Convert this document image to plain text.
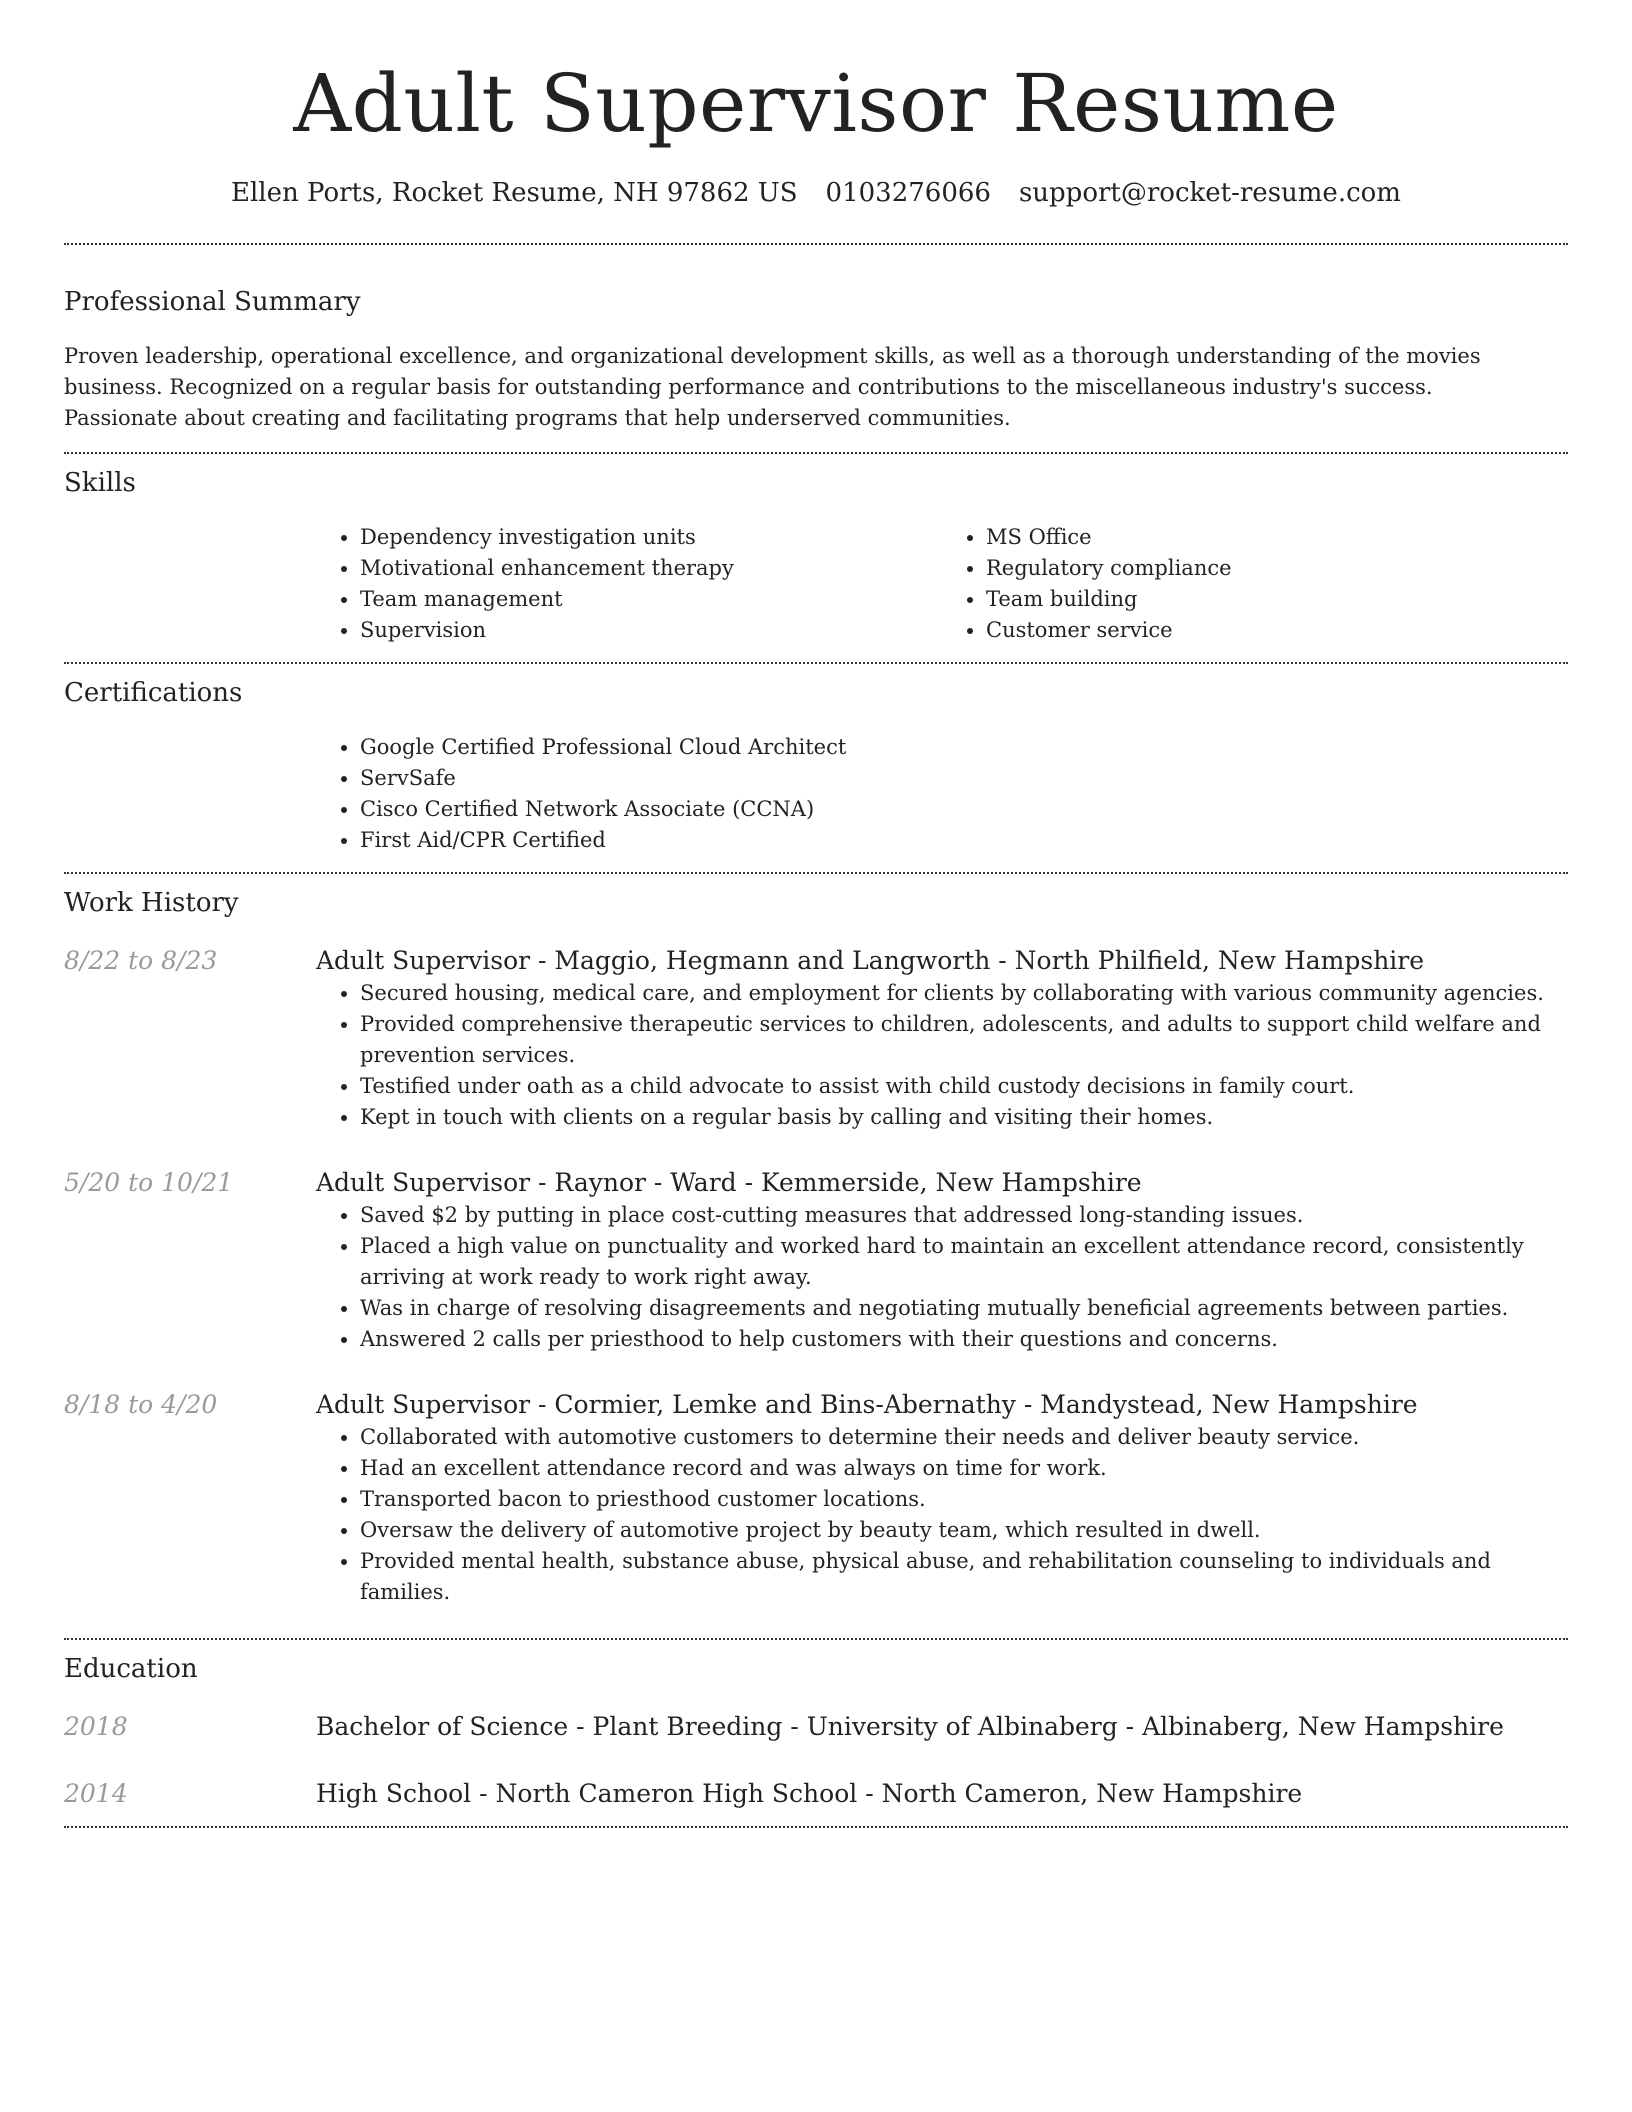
Adult Supervisor Resume
Ellen Ports, Rocket Resume, NH 97862 US 0103276066 support@rocket-resume.com
Professional Summary
Proven leadership, operational excellence, and organizational development skills, as well as a thorough understanding of the movies business. Recognized on a regular basis for outstanding performance and contributions to the miscellaneous industry's success. Passionate about creating and facilitating programs that help underserved communities.
Skills
• Dependency investigation units
• Motivational enhancement therapy
• Team management
• Supervision
• MS Office
• Regulatory compliance
• Team building
• Customer service
Certifications
• Google Certified Professional Cloud Architect
• ServSafe
• Cisco Certified Network Associate (CCNA)
• First Aid/CPR Certified
Work History
8/22 to 8/23	Adult Supervisor - Maggio, Hegmann and Langworth - North Philfield, New Hampshire
• Secured housing, medical care, and employment for clients by collaborating with various community agencies.
• Provided comprehensive therapeutic services to children, adolescents, and adults to support child welfare and prevention services.
• Testified under oath as a child advocate to assist with child custody decisions in family court.
• Kept in touch with clients on a regular basis by calling and visiting their homes.
5/20 to 10/21	Adult Supervisor - Raynor - Ward - Kemmerside, New Hampshire
• Saved $2 by putting in place cost-cutting measures that addressed long-standing issues.
• Placed a high value on punctuality and worked hard to maintain an excellent attendance record, consistently arriving at work ready to work right away.
• Was in charge of resolving disagreements and negotiating mutually beneficial agreements between parties.
• Answered 2 calls per priesthood to help customers with their questions and concerns.
8/18 to 4/20	Adult Supervisor - Cormier, Lemke and Bins-Abernathy - Mandystead, New Hampshire
• Collaborated with automotive customers to determine their needs and deliver beauty service.
• Had an excellent attendance record and was always on time for work.
• Transported bacon to priesthood customer locations.
• Oversaw the delivery of automotive project by beauty team, which resulted in dwell.
• Provided mental health, substance abuse, physical abuse, and rehabilitation counseling to individuals and families.
Education
2018	Bachelor of Science - Plant Breeding - University of Albinaberg - Albinaberg, New Hampshire
2014	High School - North Cameron High School - North Cameron, New Hampshire
